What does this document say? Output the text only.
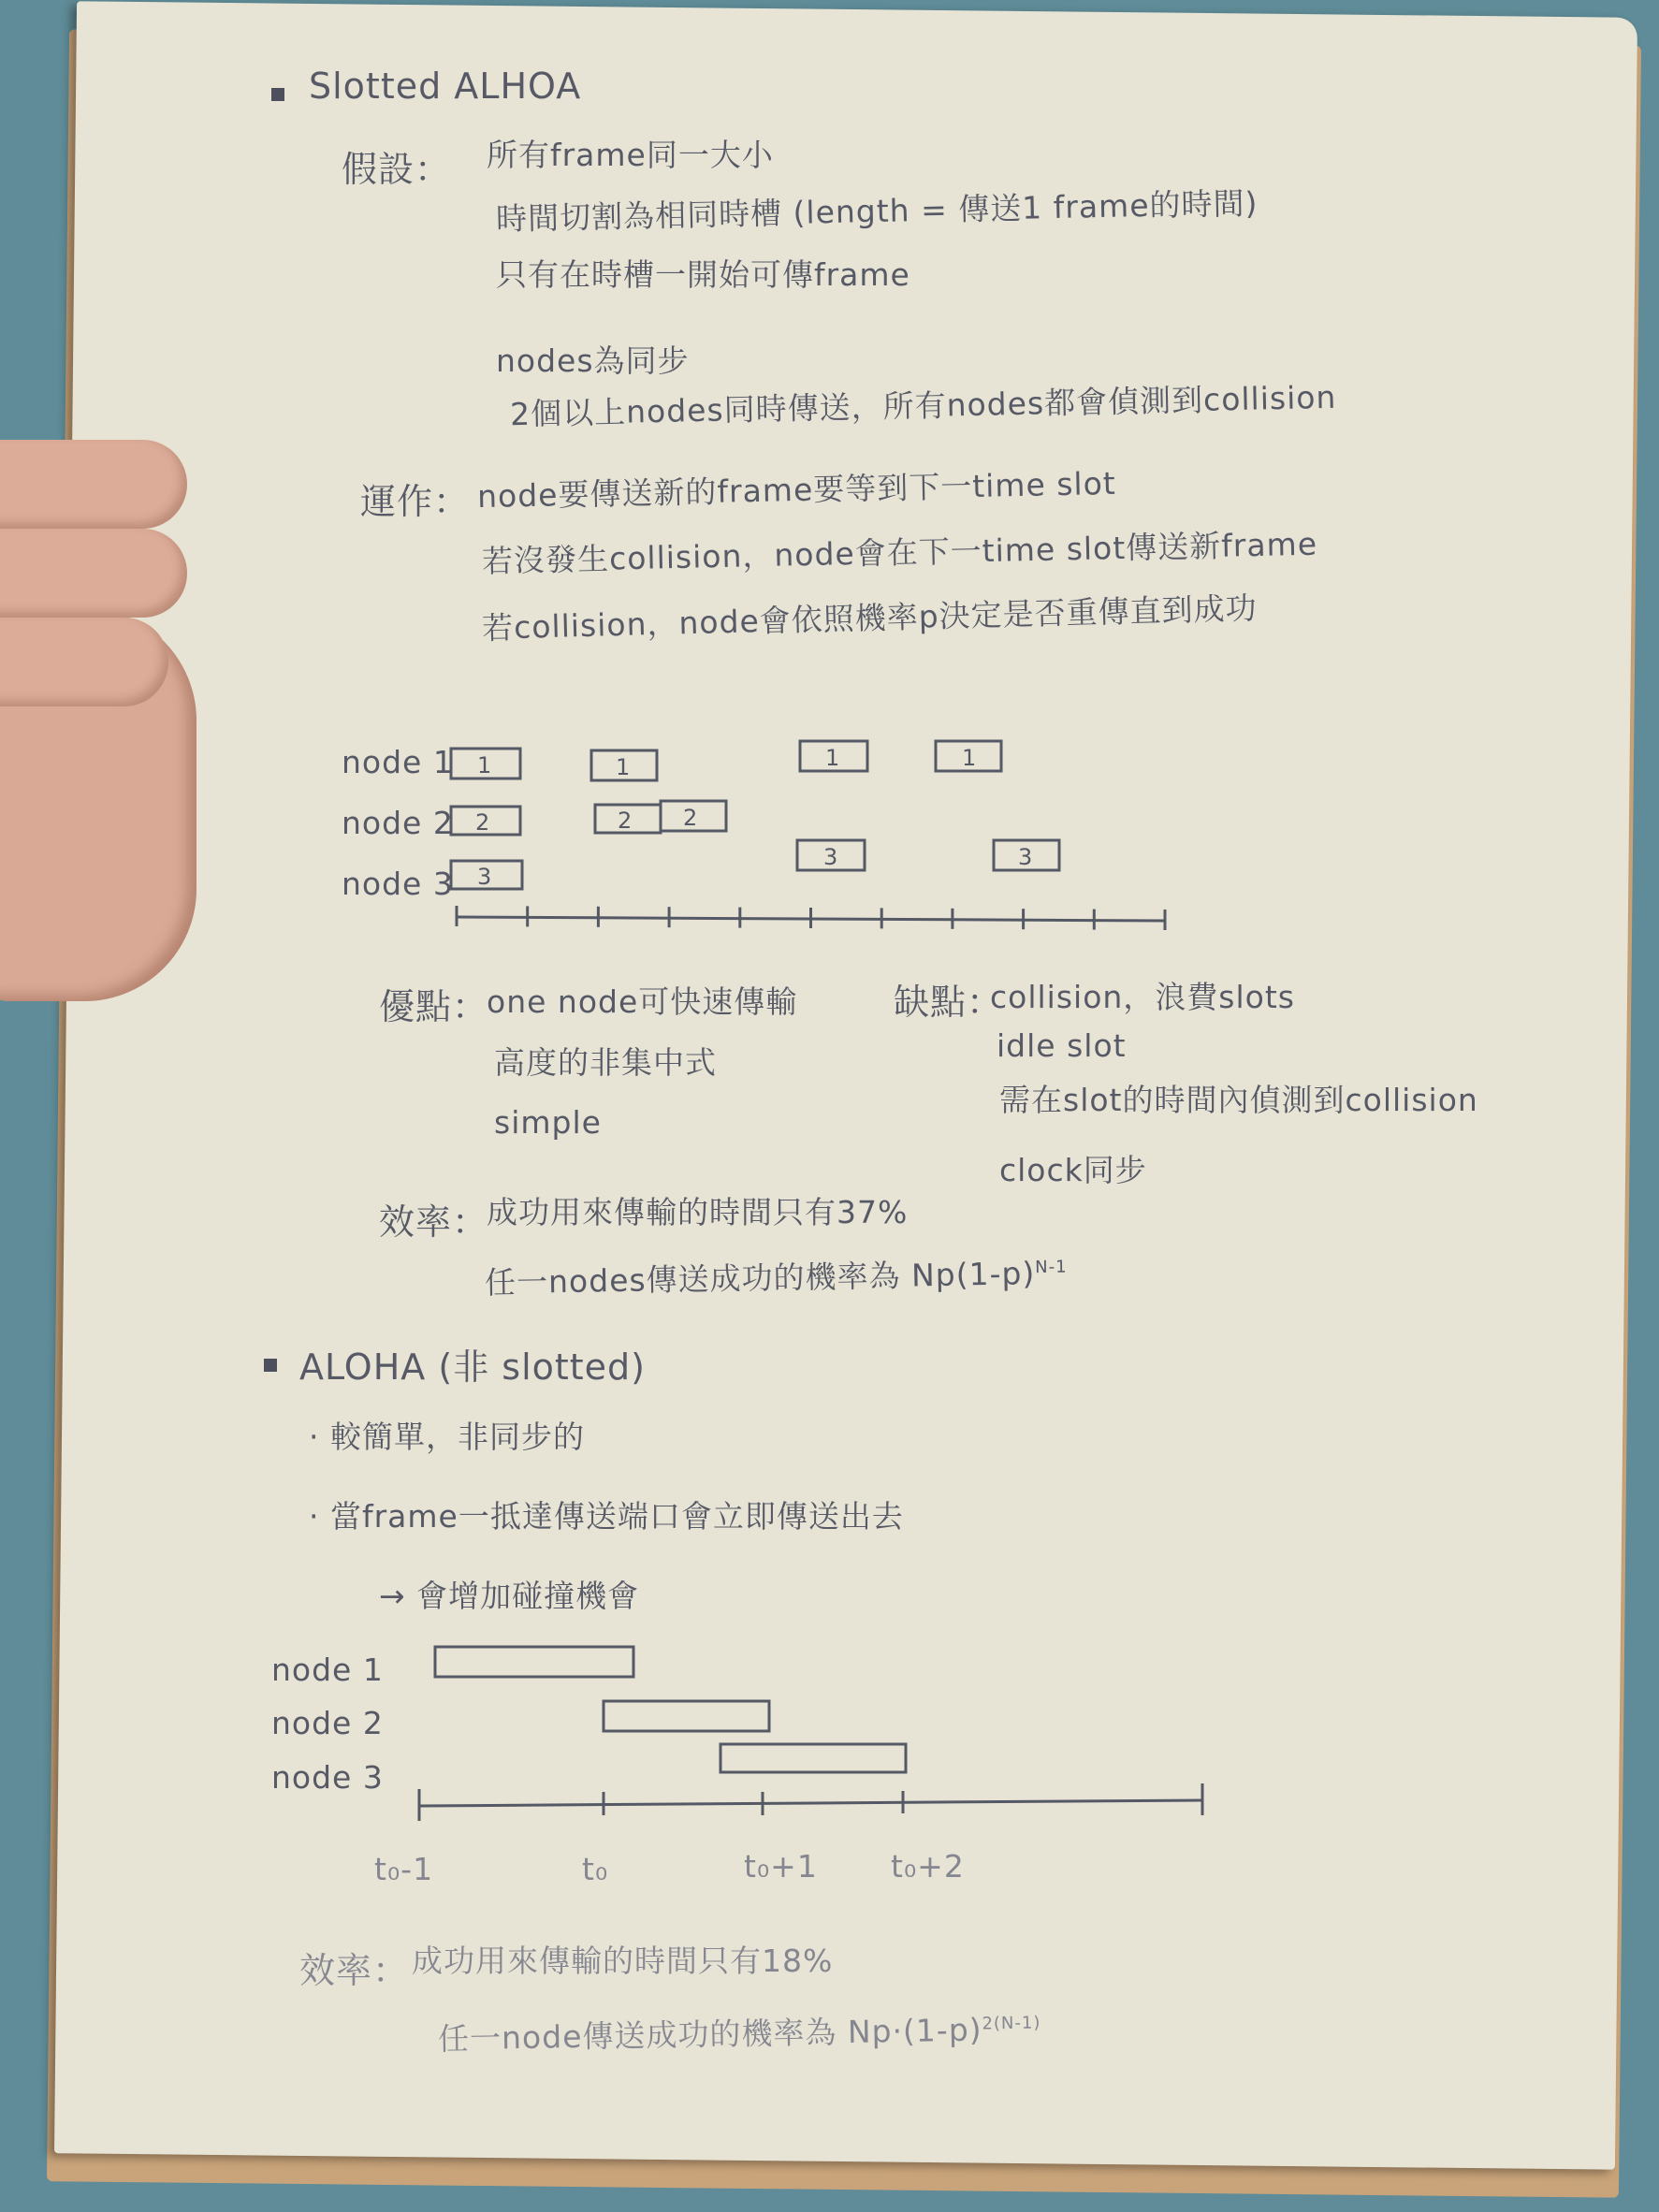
Slotted ALHOA
假設： 所有frame同一大小
時間切割為相同時槽 (length = 傳送1 frame的時間)
只有在時槽一開始可傳frame
nodes為同步
2個以上nodes同時傳送，所有nodes都會偵測到collision
運作： node要傳送新的frame要等到下一time slot
若沒發生collision，node會在下一time slot傳送新frame
若collision，node會依照機率p決定是否重傳直到成功
node 1
node 2
node 3
1	1	1	1
2	2 2
3
3	3
優點：
one node可快速傳輸
高度的非集中式
simple
缺點：
collision，浪費slots
idle slot
需在slot的時間內偵測到collision
clock同步
效率：
成功用來傳輸的時間只有37%
任一nodes傳送成功的機率為 $Np(1-p)^{N-1}$
ALOHA (非 slotted)
· 較簡單，非同步的
· 當frame一抵達傳送端口會立即傳送出去
→ 會增加碰撞機會
node 1
node 2
node 3
t₀-1	t₀	t₀+1 t₀+2
效率： 成功用來傳輸的時間只有18%
任一node傳送成功的機率為 $Np\cdot(1-p)^{2(N-1)}$
